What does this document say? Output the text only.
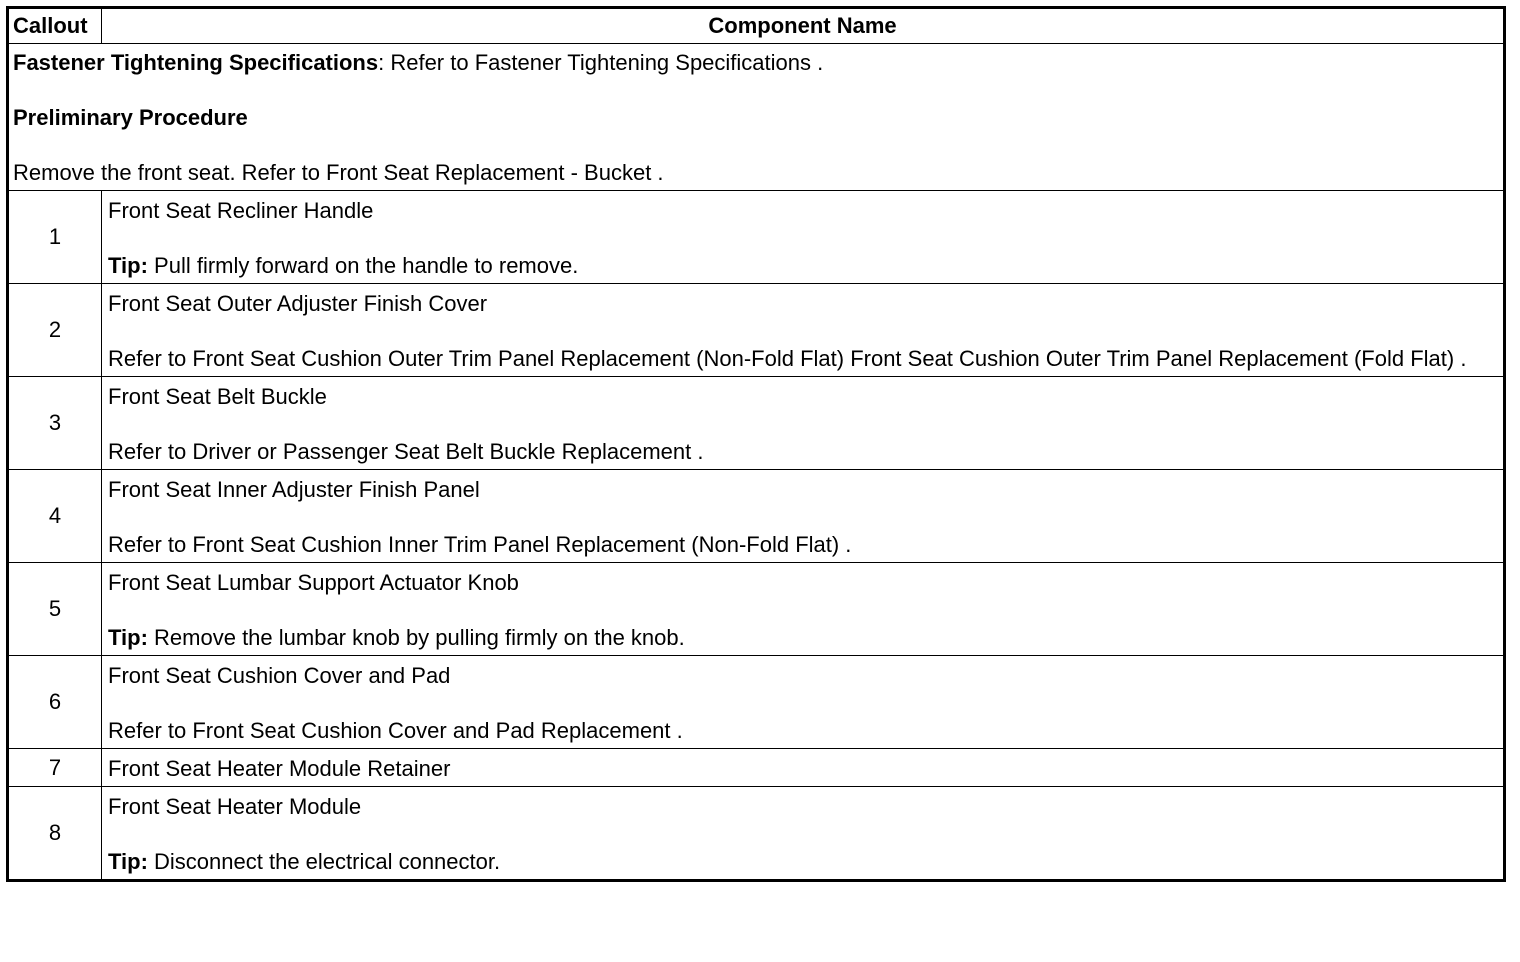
Callout	Component Name

Fastener Tightening Specifications: Refer to Fastener Tightening Specifications .

Preliminary Procedure

Remove the front seat. Refer to Front Seat Replacement - Bucket .	

1	Front Seat Recliner Handle

Tip: Pull firmly forward on the handle to remove.

2	Front Seat Outer Adjuster Finish Cover

Refer to Front Seat Cushion Outer Trim Panel Replacement (Non-Fold Flat) Front Seat Cushion Outer Trim Panel Replacement (Fold Flat) .

3	Front Seat Belt Buckle

Refer to Driver or Passenger Seat Belt Buckle Replacement .

4	Front Seat Inner Adjuster Finish Panel

Refer to Front Seat Cushion Inner Trim Panel Replacement (Non-Fold Flat) .

5	Front Seat Lumbar Support Actuator Knob

Tip: Remove the lumbar knob by pulling firmly on the knob.

6	Front Seat Cushion Cover and Pad

Refer to Front Seat Cushion Cover and Pad Replacement .

7	Front Seat Heater Module Retainer

8	Front Seat Heater Module

Tip: Disconnect the electrical connector.
